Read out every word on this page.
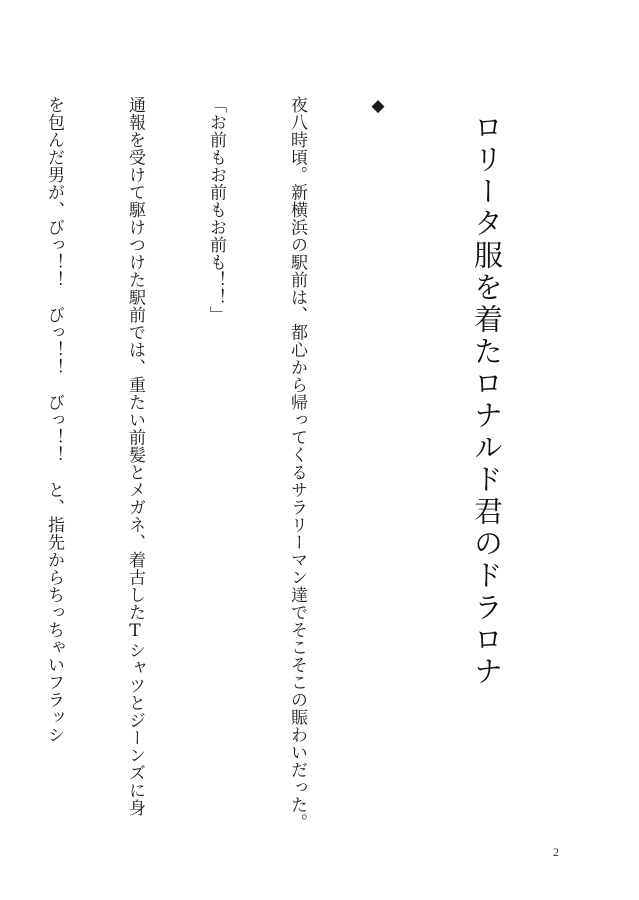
ロリータ服を着たロナルド君のドラロナ

◆

夜八時頃。新横浜の駅前は、都心から帰ってくるサラリーマン達でそこそこの賑わいだった。

「お前もお前もお前も！！」

通報を受けて駆けつけた駅前では、重たい前髪とメガネ、着古したTシャツとジーンズに身

を包んだ男が、びっ！！　びっ！！　びっ！！　と、指先からちっちゃいフラッシ

2
